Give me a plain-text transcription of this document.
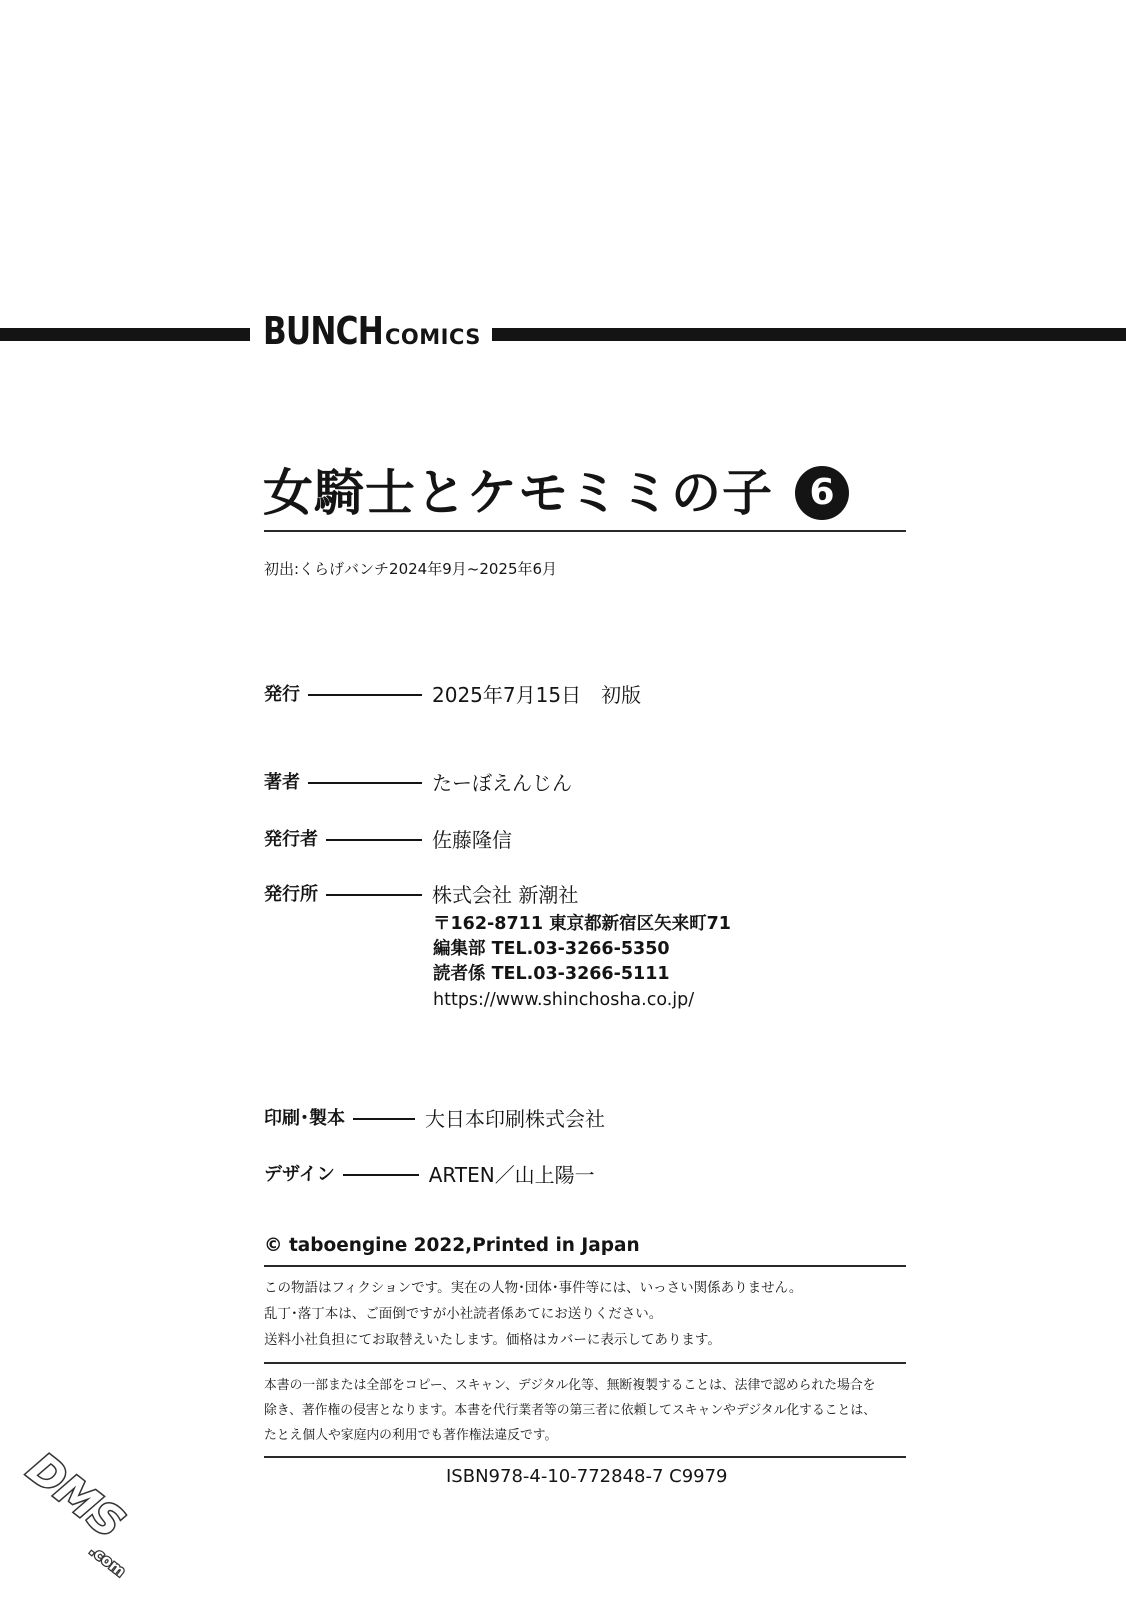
BUNCH COMICS
女騎士とケモミミの子	6
初出:くらげバンチ2024年9月~2025年6月
発行	2025年7月15日　初版
著者	たーぼえんじん
発行者	佐藤隆信
発行所	株式会社 新潮社
〒162-8711 東京都新宿区矢来町71
編集部 TEL.03-3266-5350
読者係 TEL.03-3266-5111
https://www.shinchosha.co.jp/
印刷･製本	大日本印刷株式会社
デザイン	ARTEN／山上陽一
© taboengine 2022,Printed in Japan
この物語はフィクションです。実在の人物･団体･事件等には、いっさい関係ありません。
乱丁･落丁本は、ご面倒ですが小社読者係あてにお送りください。
送料小社負担にてお取替えいたします。価格はカバーに表示してあります。
本書の一部または全部をコピー、スキャン、デジタル化等、無断複製することは、法律で認められた場合を
除き、著作権の侵害となります。本書を代行業者等の第三者に依頼してスキャンやデジタル化することは、
たとえ個人や家庭内の利用でも著作権法違反です。
ISBN978-4-10-772848-7 C9979
DMS
.com
